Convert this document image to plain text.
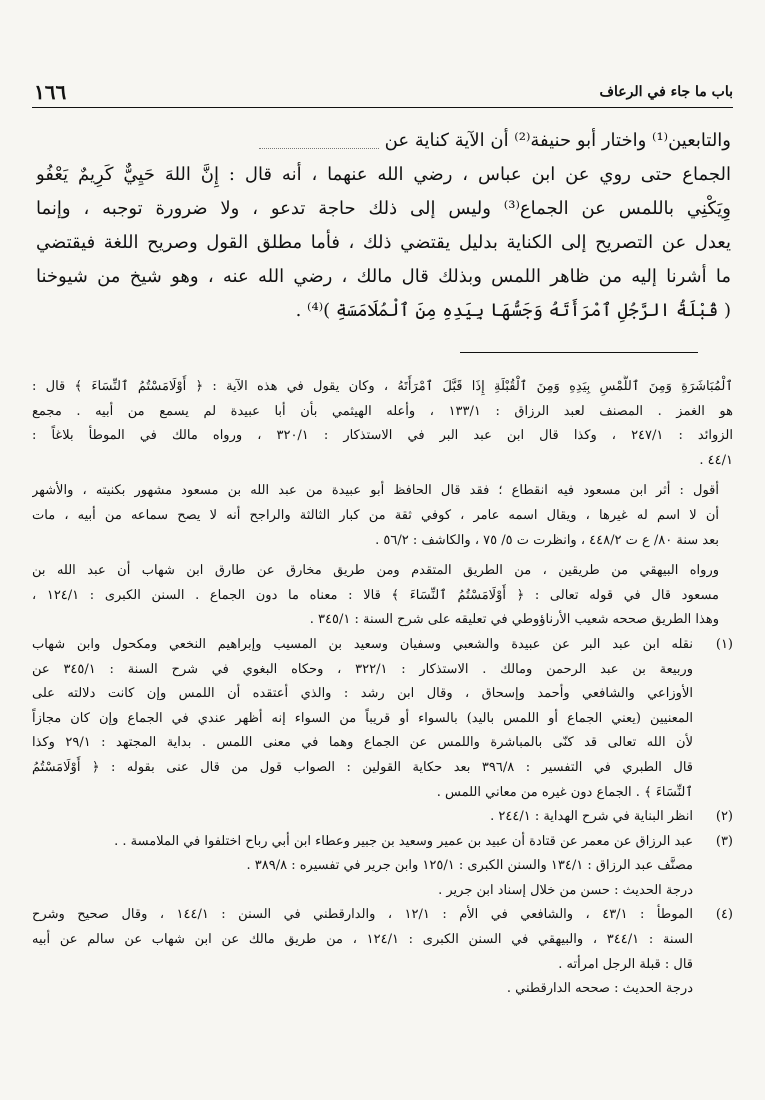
باب ما جاء في الرعاف
١٦٦
والتابعين⁽¹⁾ واختار أبو حنيفة⁽²⁾ أن الآية كناية عن
الجماع حتى روي عن ابن عباس ، رضي الله عنهما ، أنه قال : إِنَّ اللهَ حَيِيٌّ كَرِيمٌ يَعْفُو
وِيَكْنِي باللمس عن الجماع⁽³⁾ وليس إلى ذلك حاجة تدعو ، ولا ضرورة توجبه ، وإنما
يعدل عن التصريح إلى الكناية بدليل يقتضي ذلك ، فأما مطلق القول وصريح اللغة فيقتضي
ما أشرنا إليه من ظاهر اللمس وبذلك قال مالك ، رضي الله عنه ، وهو شيخ من شيوخنا
( قُبْلَةُ الرَّجُلِ ٱمْرَأَتَهُ وَجَسُّهَا بِيَدِهِ مِنَ ٱلْمُلَامَسَةِ )⁽⁴⁾ .
ٱلْمُبَاشَرَةِ وَمِنَ ٱللَّمْسِ بِيَدِهِ وَمِنَ ٱلْقُبْلَةِ إِذَا قَبَّلَ ٱمْرَأَتَهُ ، وكان يقول في هذه الآية : ﴿ أَوْلَامَسْتُمُ ٱلنِّسَاءَ ﴾ قال :
هو الغمز . المصنف لعبد الرزاق : ١٣٣/١ ، وأعله الهيثمي بأن أبا عبيدة لم يسمع من أبيه . مجمع
الزوائد : ٢٤٧/١ ، وكذا قال ابن عبد البر في الاستذكار : ٣٢٠/١ ، ورواه مالك في الموطأ بلاغاً :
٤٤/١ .
أقول : أثر ابن مسعود فيه انقطاع ؛ فقد قال الحافظ أبو عبيدة من عبد الله بن مسعود مشهور بكنيته ، والأشهر
أن لا اسم له غيرها ، ويقال اسمه عامر ، كوفي ثقة من كبار الثالثة والراجح أنه لا يصح سماعه من أبيه ، مات
بعد سنة ٨٠/ ع ت ٤٤٨/٢ ، وانظرت ت ٥/ ٧٥ ، والكاشف : ٥٦/٢ .
ورواه البيهقي من طريقين ، من الطريق المتقدم ومن طريق مخارق عن طارق ابن شهاب أن عبد الله بن
مسعود قال في قوله تعالى : ﴿ أَوْلَامَسْتُمُ ٱلنِّسَاءَ ﴾ قالا : معناه ما دون الجماع . السنن الكبرى : ١٢٤/١ ،
وهذا الطريق صححه شعيب الأرناؤوطي في تعليقه على شرح السنة : ٣٤٥/١ .
(١)
نقله ابن عبد البر عن عبيدة والشعبي وسفيان وسعيد بن المسيب وإبراهيم النخعي ومكحول وابن شهاب
وربيعة بن عبد الرحمن ومالك . الاستذكار : ٣٢٢/١ ، وحكاه البغوي في شرح السنة : ٣٤٥/١ عن
الأوزاعي والشافعي وأحمد وإسحاق ، وقال ابن رشد : والذي أعتقده أن اللمس وإن كانت دلالته على
المعنيين (يعني الجماع أو اللمس باليد) بالسواء أو قريباً من السواء إنه أظهر عندي في الجماع وإن كان مجازاً
لأن الله تعالى قد كنّى بالمباشرة واللمس عن الجماع وهما في معنى اللمس . بداية المجتهد : ٢٩/١ وكذا
قال الطبري في التفسير : ٣٩٦/٨ بعد حكاية القولين : الصواب قول من قال عنى بقوله : ﴿ أَوْلَامَسْتُمُ
ٱلنِّسَاءَ ﴾ . الجماع دون غيره من معاني اللمس .
(٢)
انظر البناية في شرح الهداية : ٢٤٤/١ .
(٣)
عبد الرزاق عن معمر عن قتادة أن عبيد بن عمير وسعيد بن جبير وعطاء ابن أبي رباح اختلفوا في الملامسة . .
مصنَّف عبد الرزاق : ١٣٤/١ والسنن الكبرى : ١٢٥/١ وابن جرير في تفسيره : ٣٨٩/٨ .
درجة الحديث : حسن من خلال إسناد ابن جرير .
(٤)
الموطأ : ٤٣/١ ، والشافعي في الأم : ١٢/١ ، والدارقطني في السنن : ١٤٤/١ ، وقال صحيح وشرح
السنة : ٣٤٤/١ ، والبيهقي في السنن الكبرى : ١٢٤/١ ، من طريق مالك عن ابن شهاب عن سالم عن أبيه
قال : قبلة الرجل امرأته .
درجة الحديث : صححه الدارقطني .
